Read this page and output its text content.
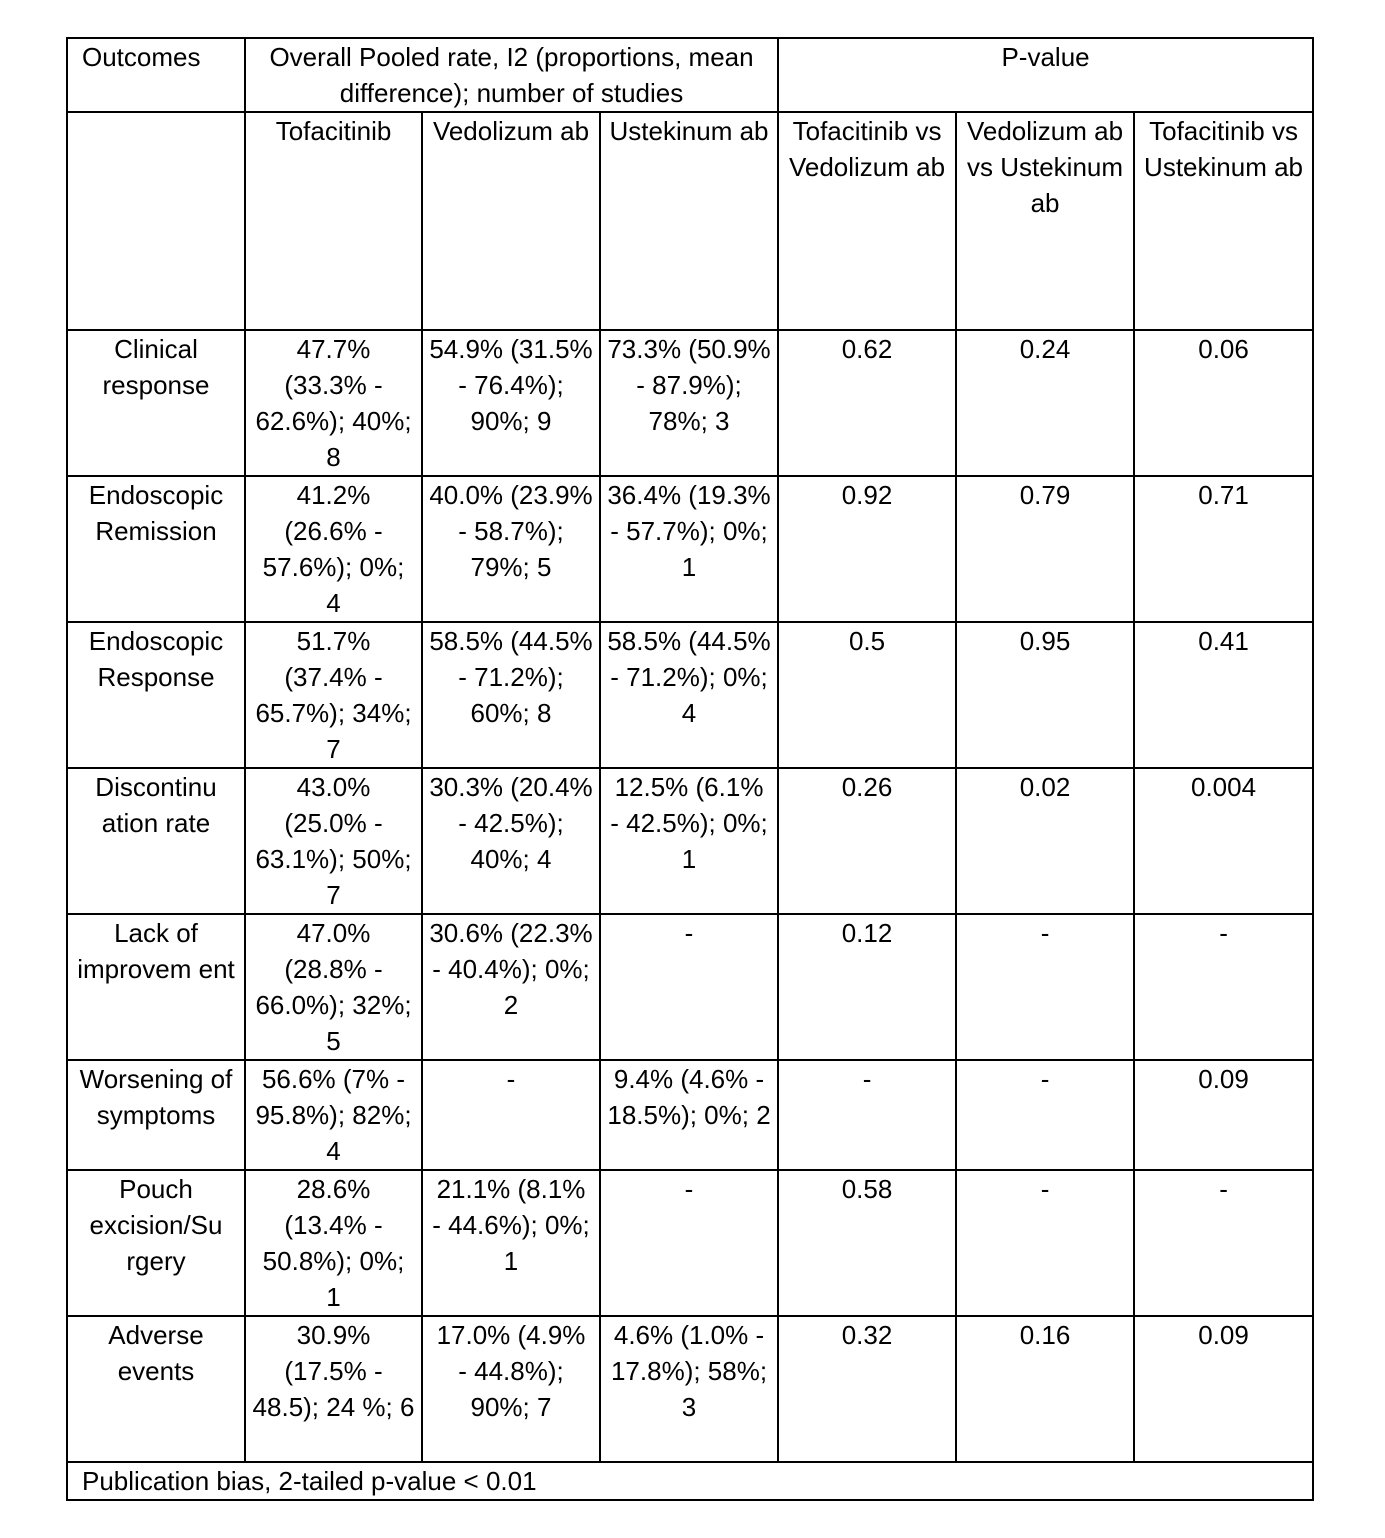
Outcomes	Overall Pooled rate, I2 (proportions, mean difference); number of studies			P-value		
	Tofacitinib	Vedolizum ab	Ustekinum ab	Tofacitinib vs Vedolizum ab	Vedolizum ab vs Ustekinum ab	Tofacitinib vs Ustekinum ab
Clinical response	47.7% (33.3% - 62.6%); 40%; 8	54.9% (31.5% - 76.4%); 90%; 9	73.3% (50.9% - 87.9%); 78%; 3	0.62	0.24	0.06
Endoscopic Remission	41.2% (26.6% - 57.6%); 0%; 4	40.0% (23.9% - 58.7%); 79%; 5	36.4% (19.3% - 57.7%); 0%; 1	0.92	0.79	0.71
Endoscopic Response	51.7% (37.4% - 65.7%); 34%; 7	58.5% (44.5% - 71.2%); 60%; 8	58.5% (44.5% - 71.2%); 0%; 4	0.5	0.95	0.41
Discontinu ation rate	43.0% (25.0% - 63.1%); 50%; 7	30.3% (20.4% - 42.5%); 40%; 4	12.5% (6.1% - 42.5%); 0%; 1	0.26	0.02	0.004
Lack of improvem ent	47.0% (28.8% - 66.0%); 32%; 5	30.6% (22.3% - 40.4%); 0%; 2	-	0.12	-	-
Worsening of symptoms	56.6% (7% - 95.8%); 82%; 4	-	9.4% (4.6% - 18.5%); 0%; 2	-	-	0.09
Pouch excision/Su rgery	28.6% (13.4% - 50.8%); 0%; 1	21.1% (8.1% - 44.6%); 0%; 1	-	0.58	-	-
Adverse events	30.9% (17.5% - 48.5); 24 %; 6	17.0% (4.9% - 44.8%); 90%; 7	4.6% (1.0% - 17.8%); 58%; 3	0.32	0.16	0.09
Publication bias, 2-tailed p-value < 0.01						
